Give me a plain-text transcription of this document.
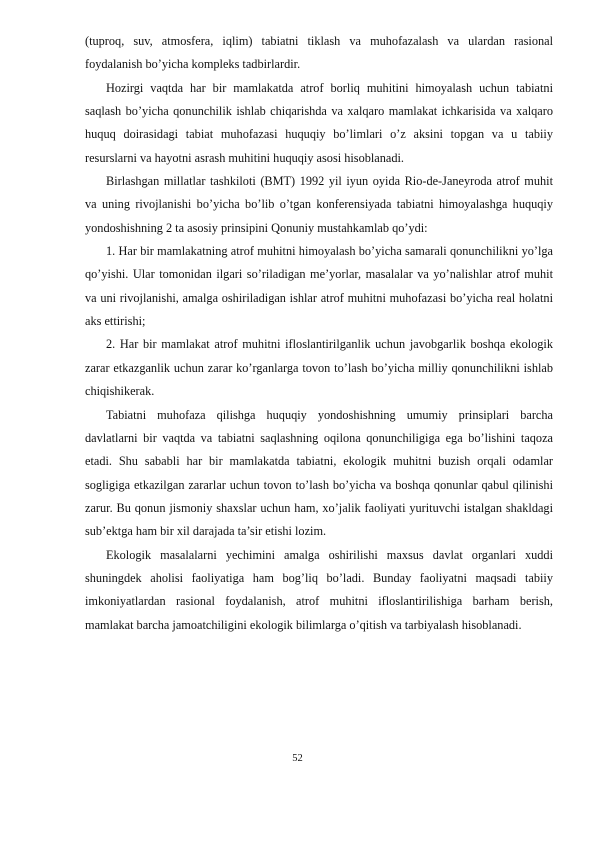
(tuproq, suv, atmosfera, iqlim) tabiatni tiklash va muhofazalash va ulardan rasional foydalanish bo’yicha kompleks tadbirlardir.

Hozirgi vaqtda har bir mamlakatda atrof borliq muhitini himoyalash uchun tabiatni saqlash bo’yicha qonunchilik ishlab chiqarishda va xalqaro mamlakat ichkarisida va xalqaro huquq doirasidagi tabiat muhofazasi huquqiy bo’limlari o’z aksini topgan va u tabiiy resurslarni va hayotni asrash muhitini huquqiy asosi hisoblanadi.

Birlashgan millatlar tashkiloti (BMT) 1992 yil iyun oyida Rio-de-Janeyroda atrof muhit va uning rivojlanishi bo’yicha bo’lib o’tgan konferensiyada tabiatni himoyalashga huquqiy yondoshishning 2 ta asosiy prinsipini Qonuniy mustahkamlab qo’ydi:

1. Har bir mamlakatning atrof muhitni himoyalash bo’yicha samarali qonunchilikni yo’lga qo’yishi. Ular tomonidan ilgari so’riladigan me’yorlar, masalalar va yo’nalishlar atrof muhit va uni rivojlanishi, amalga oshiriladigan ishlar atrof muhitni muhofazasi bo’yicha real holatni aks ettirishi;

2. Har bir mamlakat atrof muhitni ifloslantirilganlik uchun javobgarlik boshqa ekologik zarar etkazganlik uchun zarar ko’rganlarga tovon to’lash bo’yicha milliy qonunchilikni ishlab chiqishikerak.

Tabiatni muhofaza qilishga huquqiy yondoshishning umumiy prinsiplari barcha davlatlarni bir vaqtda va tabiatni saqlashning oqilona qonunchiligiga ega bo’lishini taqoza etadi. Shu sababli har bir mamlakatda tabiatni, ekologik muhitni buzish orqali odamlar sogligiga etkazilgan zararlar uchun tovon to’lash bo’yicha va boshqa qonunlar qabul qilinishi zarur. Bu qonun jismoniy shaxslar uchun ham, xo’jalik faoliyati yurituvchi istalgan shakldagi sub’ektga ham bir xil darajada ta’sir etishi lozim.

Ekologik masalalarni yechimini amalga oshirilishi maxsus davlat organlari xuddi shuningdek aholisi faoliyatiga ham bog’liq bo’ladi. Bunday faoliyatni maqsadi tabiiy imkoniyatlardan rasional foydalanish, atrof muhitni ifloslantirilishiga barham berish, mamlakat barcha jamoatchiligini ekologik bilimlarga o’qitish va tarbiyalash hisoblanadi.

52
